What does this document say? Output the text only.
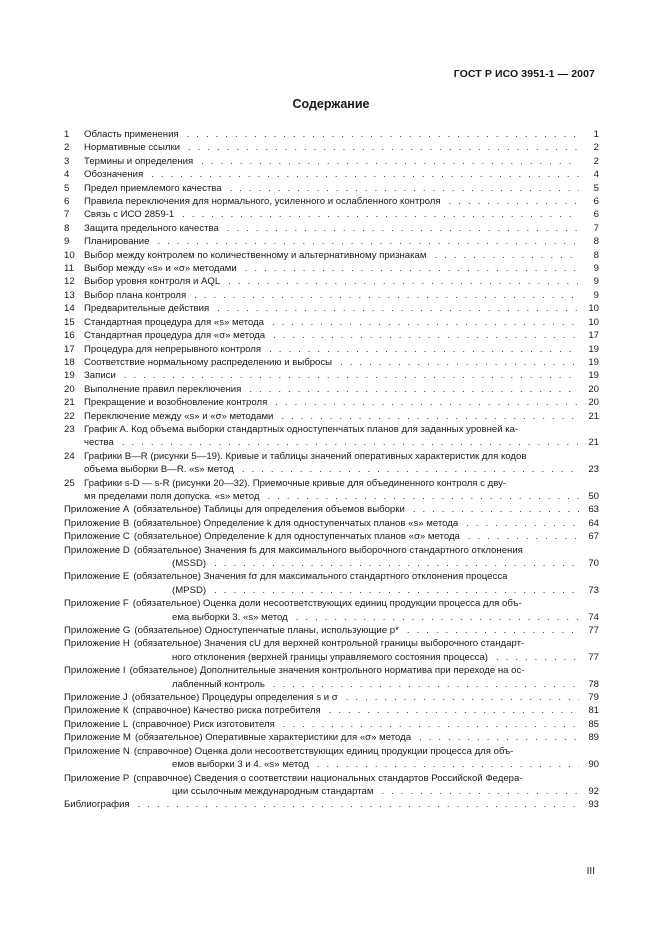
ГОСТ Р ИСО 3951-1 — 2007
Содержание
1	Область применения .....	1
2	Нормативные ссылки .....	2
3	Термины и определения .....	2
4	Обозначения .....	4
5	Предел приемлемого качества .....	5
6	Правила переключения для нормального, усиленного и ослабленного контроля .....	6
7	Связь с ИСО 2859-1 .....	6
8	Защита предельного качества .....	7
9	Планирование .....	8
10 Выбор между контролем по количественному и альтернативному признакам .....	8
11	Выбор между «s» и «σ» методами .....	9
12 Выбор уровня контроля и AQL .....	9
13 Выбор плана контроля .....	9
14 Предварительные действия .....	10
15 Стандартная процедура для «s» метода .....	10
16 Стандартная процедура для «σ» метода .....	17
17 Процедура для непрерывного контроля .....	19
18 Соответствие нормальному распределению и выбросы .....	19
19 Записи .....	19
20 Выполнение правил переключения .....	20
21 Прекращение и возобновление контроля .....	20
22 Переключение между «s» и «σ» методами .....	21
23 График А. Код объема выборки стандартных одноступенчатых планов для заданных уровней ка-
чества .....	21
24 Графики В—R (рисунки 5—19). Кривые и таблицы значений оперативных характеристик для кодов
объема выборки В—R. «s» метод .....	23
25 Графики s-D — s-R (рисунки 20—32). Приемочные кривые для объединенного контроля с дву-
мя пределами поля допуска. «s» метод .....	50
Приложение А (обязательное) Таблицы для определения объемов выборки .....	63
Приложение В (обязательное) Определение k для одноступенчатых планов «s» метода .....	64
Приложение С (обязательное) Определение k для одноступенчатых планов «σ» метода .....	67
Приложение D (обязательное) Значения fs для максимального выборочного стандартного отклонения
(MSSD) .....	70
Приложение Е (обязательное) Значения fσ для максимального стандартного отклонения процесса
(MPSD) .....	73
Приложение F (обязательное) Оценка доли несоответствующих единиц продукции процесса для объ-
ема выборки 3. «s» метод .....	74
Приложение G (обязательное) Одноступенчатые планы, использующие p* .....	77
Приложение Н (обязательное) Значения cU для верхней контрольной границы выборочного стандарт-
ного отклонения (верхней границы управляемого состояния процесса) .....	77
Приложение I (обязательное) Дополнительные значения контрольного норматива при переходе на ос-
лабленный контроль .....	78
Приложение J (обязательное) Процедуры определения s и σ .....	79
Приложение К (справочное) Качество риска потребителя .....	81
Приложение L (справочное) Риск изготовителя .....	85
Приложение М (обязательное) Оперативные характеристики для «σ» метода .....	89
Приложение N (справочное) Оценка доли несоответствующих единиц продукции процесса для объ-
емов выборки 3 и 4. «s» метод .....	90
Приложение Р (справочное) Сведения о соответствии национальных стандартов Российской Федера-
ции ссылочным международным стандартам .....	92
Библиография .....	93
III
